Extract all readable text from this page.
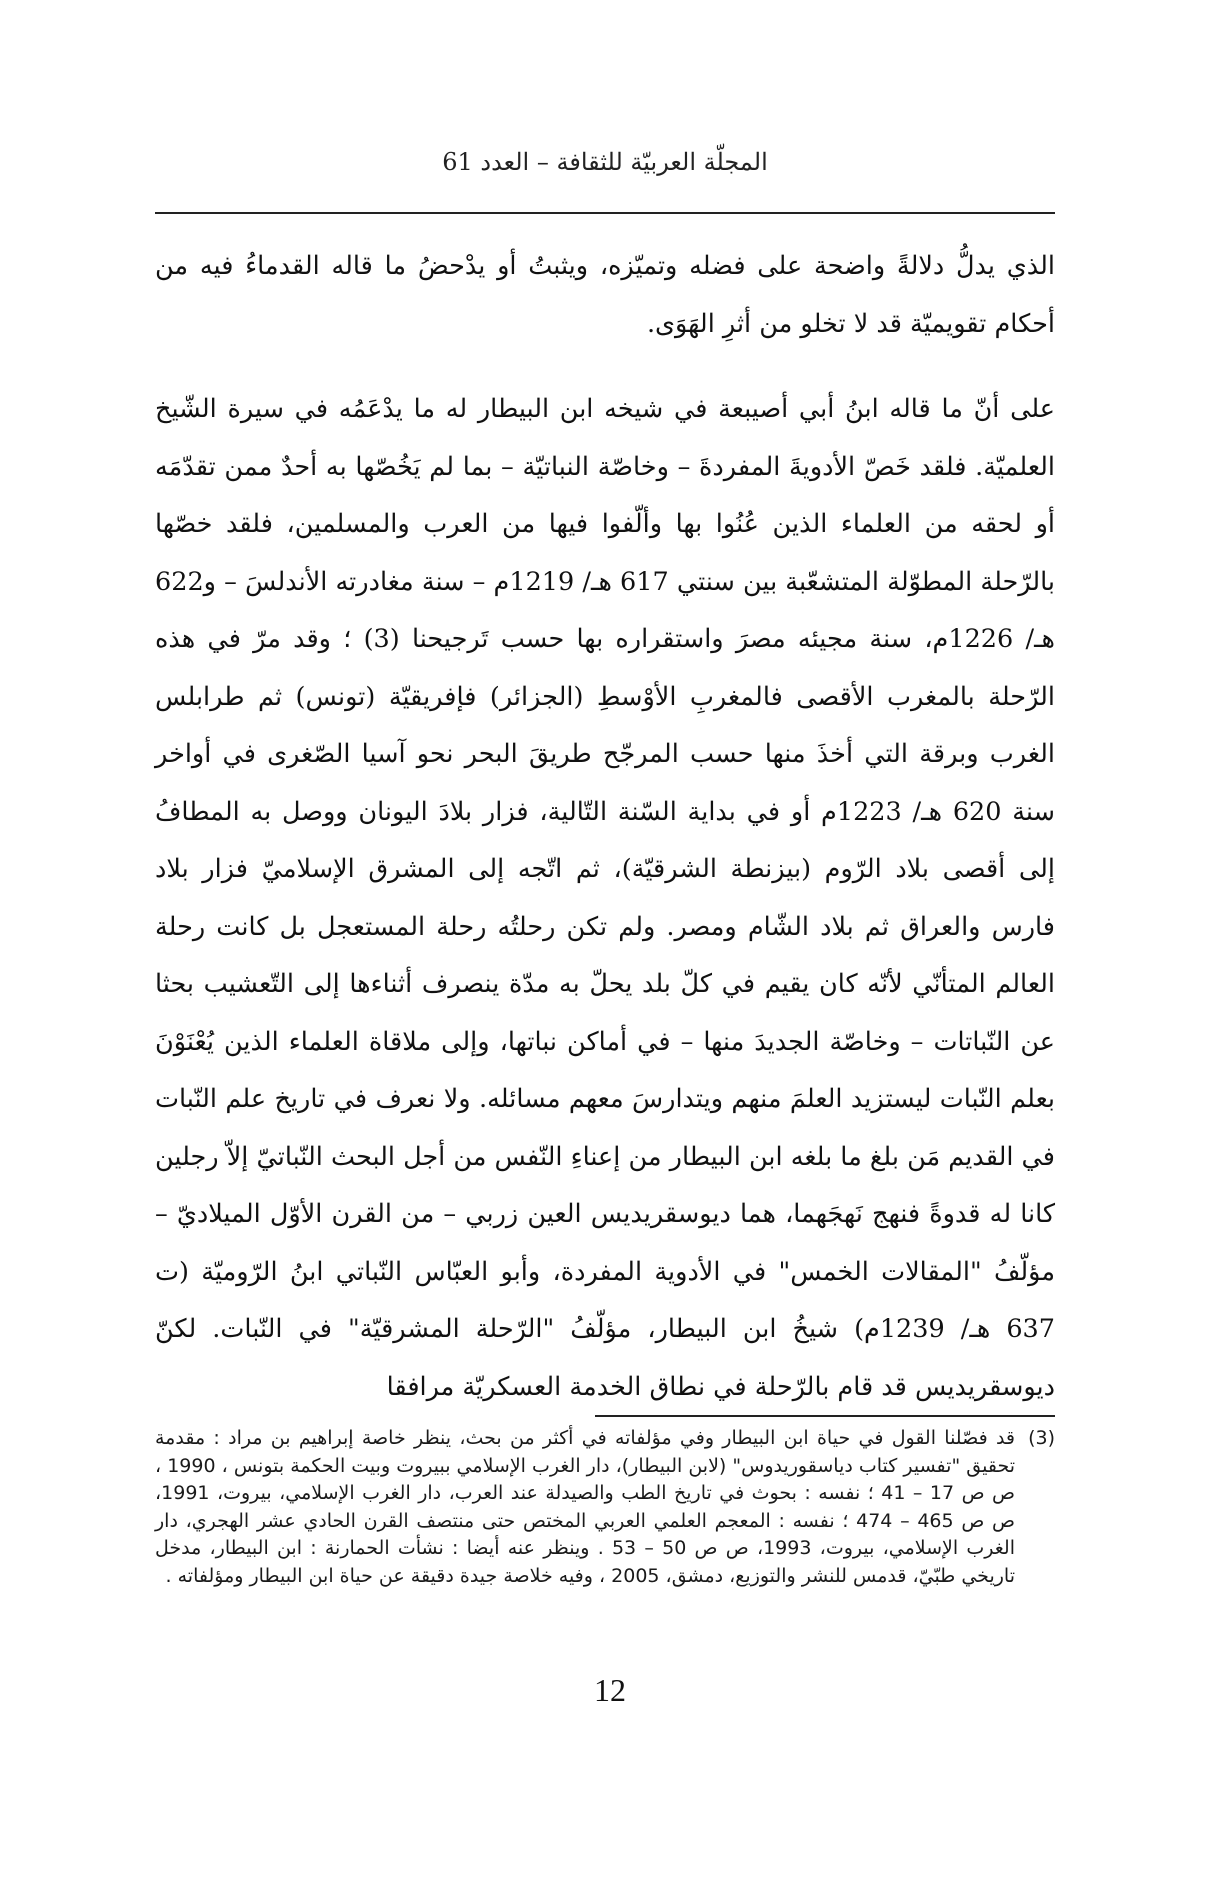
المجلّة العربيّة للثقافة – العدد 61

الذي يدلُّ دلالةً واضحة على فضله وتميّزه، ويثبتُ أو يدْحضُ ما قاله القدماءُ فيه من أحكام تقويميّة قد لا تخلو من أثرِ الهَوَى.

على أنّ ما قاله ابنُ أبي أصيبعة في شيخه ابن البيطار له ما يدْعَمُه في سيرة الشّيخ العلميّة. فلقد خَصّ الأدويةَ المفردةَ – وخاصّة النباتيّة – بما لم يَخُصّها به أحدٌ ممن تقدّمَه أو لحقه من العلماء الذين عُنُوا بها وألّفوا فيها من العرب والمسلمين، فلقد خصّها بالرّحلة المطوّلة المتشعّبة بين سنتي 617 هـ/ 1219م – سنة مغادرته الأندلسَ – و622 هـ/ 1226م، سنة مجيئه مصرَ واستقراره بها حسب تَرجيحنا (3) ؛ وقد مرّ في هذه الرّحلة بالمغرب الأقصى فالمغربِ الأوْسطِ (الجزائر) فإفريقيّة (تونس) ثم طرابلس الغرب وبرقة التي أخذَ منها حسب المرجّح طريقَ البحر نحو آسيا الصّغرى في أواخر سنة 620 هـ/ 1223م أو في بداية السّنة التّالية، فزار بلادَ اليونان ووصل به المطافُ إلى أقصى بلاد الرّوم (بيزنطة الشرقيّة)، ثم اتّجه إلى المشرق الإسلاميّ فزار بلاد فارس والعراق ثم بلاد الشّام ومصر. ولم تكن رحلتُه رحلة المستعجل بل كانت رحلة العالم المتأنّي لأنّه كان يقيم في كلّ بلد يحلّ به مدّة ينصرف أثناءها إلى التّعشيب بحثا عن النّباتات – وخاصّة الجديدَ منها – في أماكن نباتها، وإلى ملاقاة العلماء الذين يُعْنَوْنَ بعلم النّبات ليستزيد العلمَ منهم ويتدارسَ معهم مسائله. ولا نعرف في تاريخ علم النّبات في القديم مَن بلغ ما بلغه ابن البيطار من إعناءِ النّفس من أجل البحث النّباتيّ إلاّ رجلين كانا له قدوةً فنهج نَهجَهما، هما ديوسقريديس العين زربي – من القرن الأوّل الميلاديّ – مؤلّفُ "المقالات الخمس" في الأدوية المفردة، وأبو العبّاس النّباتي ابنُ الرّوميّة (ت 637 هـ/ 1239م) شيخُ ابن البيطار، مؤلّفُ "الرّحلة المشرقيّة" في النّبات. لكنّ ديوسقريديس قد قام بالرّحلة في نطاق الخدمة العسكريّة مرافقا

(3)
قد فصّلنا القول في حياة ابن البيطار وفي مؤلفاته في أكثر من بحث، ينظر خاصة إبراهيم بن مراد : مقدمة تحقيق "تفسير كتاب دياسقوريدوس" (لابن البيطار)، دار الغرب الإسلامي ببيروت وبيت الحكمة بتونس ، 1990 ، ص ص 17 – 41 ؛ نفسه : بحوث في تاريخ الطب والصيدلة عند العرب، دار الغرب الإسلامي، بيروت، 1991، ص ص 465 – 474 ؛ نفسه : المعجم العلمي العربي المختص حتى منتصف القرن الحادي عشر الهجري، دار الغرب الإسلامي، بيروت، 1993، ص ص 50 – 53 . وينظر عنه أيضا : نشأت الحمارنة : ابن البيطار، مدخل تاريخي طبّيّ، قدمس للنشر والتوزيع، دمشق، 2005 ، وفيه خلاصة جيدة دقيقة عن حياة ابن البيطار ومؤلفاته .
12
